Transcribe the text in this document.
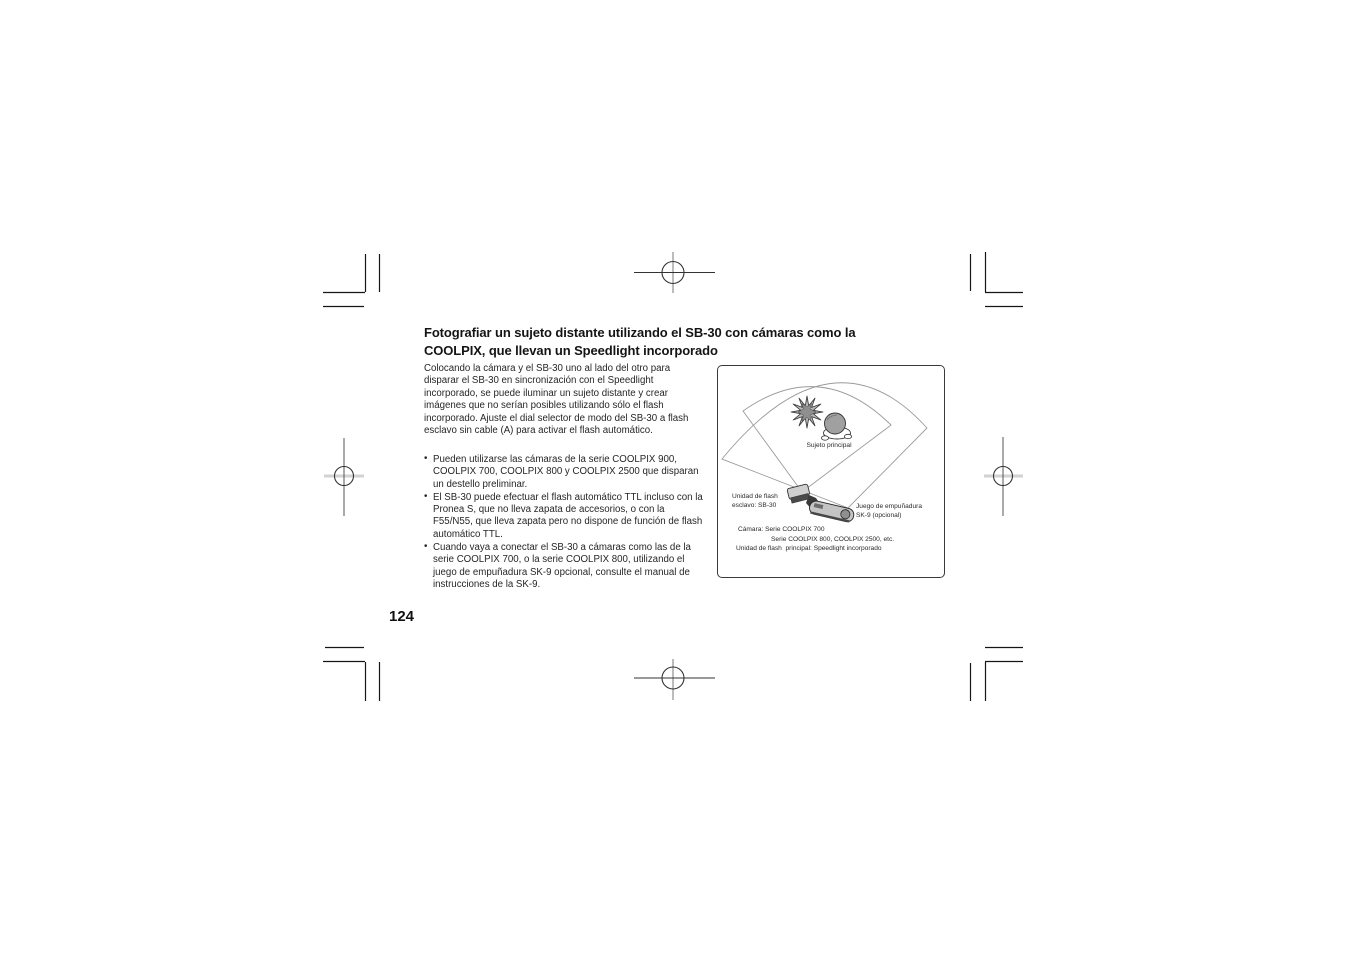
Fotografiar un sujeto distante utilizando el SB-30 con cámaras como la
COOLPIX, que llevan un Speedlight incorporado

Colocando la cámara y el SB-30 uno al lado del otro para disparar el SB-30 en sincronización con el Speedlight incorporado, se puede iluminar un sujeto distante y crear imágenes que no serían posibles utilizando sólo el flash incorporado. Ajuste el dial selector de modo del SB-30 a flash esclavo sin cable (A) para activar el flash automático.

• Pueden utilizarse las cámaras de la serie COOLPIX 900, COOLPIX 700, COOLPIX 800 y COOLPIX 2500 que disparan un destello preliminar.
• El SB-30 puede efectuar el flash automático TTL incluso con la Pronea S, que no lleva zapata de accesorios, o con la F55/N55, que lleva zapata pero no dispone de función de flash automático TTL.
• Cuando vaya a conectar el SB-30 a cámaras como las de la serie COOLPIX 700, o la serie COOLPIX 800, utilizando el juego de empuñadura SK-9 opcional, consulte el manual de instrucciones de la SK-9.
124
Sujeto principal
Unidad de flash
esclavo: SB-30	Juego de empuñadura
SK-9 (opcional)
Cámara: Serie COOLPIX 700
Serie COOLPIX 800, COOLPIX 2500, etc.
Unidad de flash  principal: Speedlight incorporado
